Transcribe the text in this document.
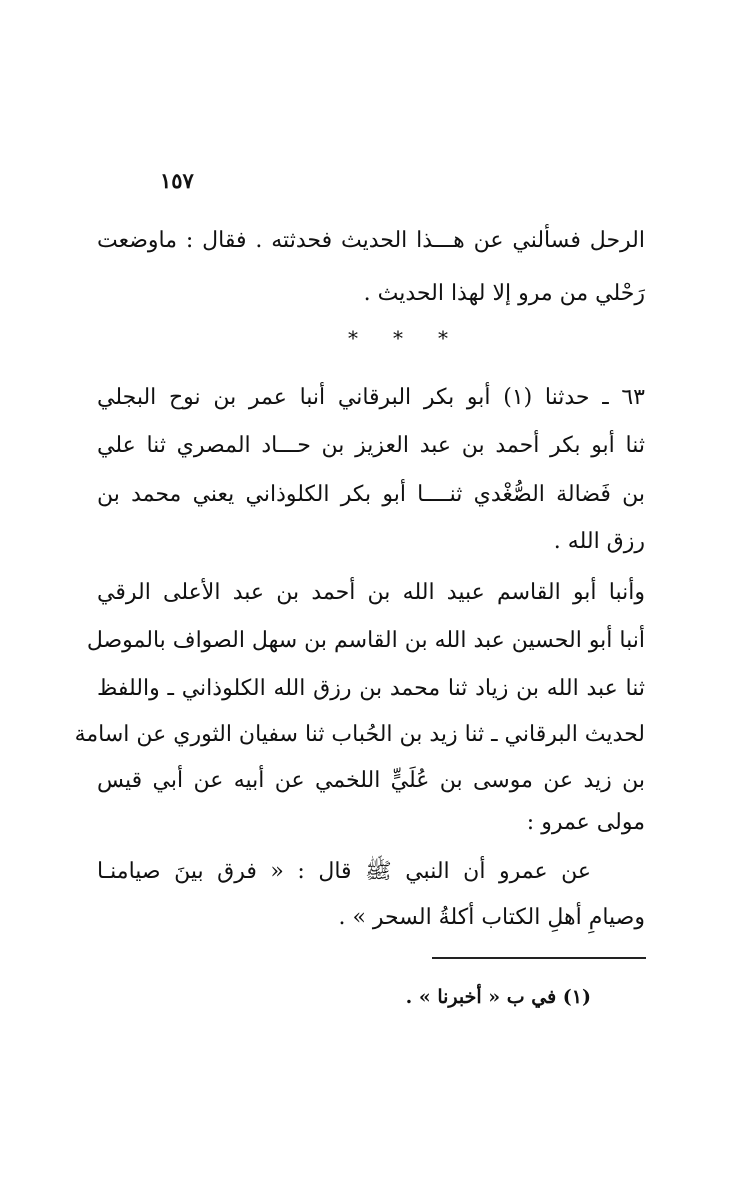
١٥٧
الرحل فسألني عن هـــذا الحديث فحدثته . فقال : ماوضعت
رَحْلي من مرو إلا لهذا الحديث .
* * *
٦٣ ـ حدثنا (١) أبو بكر البرقاني أنبا عمر بن نوح البجلي
ثنا أبو بكر أحمد بن عبد العزيز بن حـــاد المصري ثنا علي
بن فَضالة الصُّغْدي ثنــــا أبو بكر الكلوذاني يعني محمد بن
رزق الله .
وأنبا أبو القاسم عبيد الله بن أحمد بن عبد الأعلى الرقي
أنبا أبو الحسين عبد الله بن القاسم بن سهل الصواف بالموصل
ثنا عبد الله بن زياد ثنا محمد بن رزق الله الكلوذاني ـ واللفظ
لحديث البرقاني ـ ثنا زيد بن الحُباب ثنا سفيان الثوري عن اسامة
بن زيد عن موسى بن عُلَيٍّ اللخمي عن أبيه عن أبي قيس
مولى عمرو :
عن عمرو أن النبي ﷺ قال : « فرق بينَ صيامنـا
وصيامِ أهلِ الكتاب أكلةُ السحر » .
(١) في ب « أخبرنا » .
